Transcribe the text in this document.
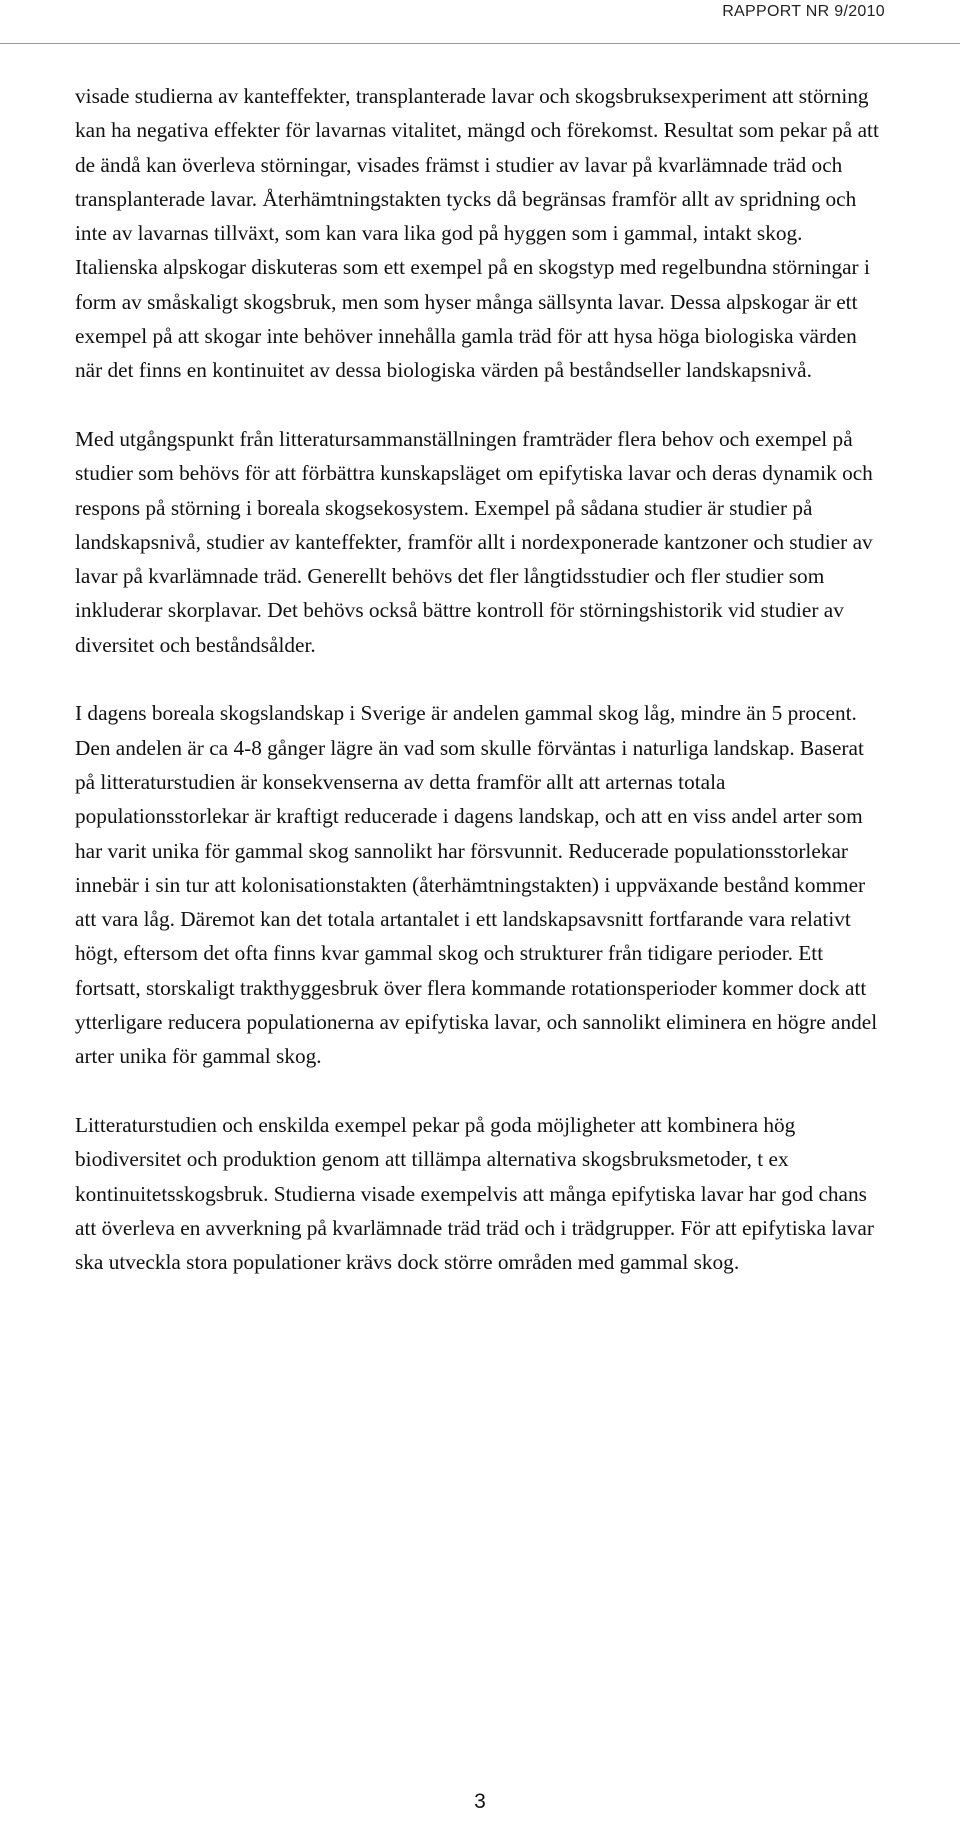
RAPPORT NR 9/2010

visade studierna av kanteffekter, transplanterade lavar och skogsbruksexperiment att störning kan ha negativa effekter för lavarnas vitalitet, mängd och förekomst. Resultat som pekar på att de ändå kan överleva störningar, visades främst i studier av lavar på kvarlämnade träd och transplanterade lavar. Återhämtningstakten tycks då begränsas framför allt av spridning och inte av lavarnas tillväxt, som kan vara lika god på hyggen som i gammal, intakt skog. Italienska alpskogar diskuteras som ett exempel på en skogstyp med regelbundna störningar i form av småskaligt skogsbruk, men som hyser många sällsynta lavar. Dessa alpskogar är ett exempel på att skogar inte behöver innehålla gamla träd för att hysa höga biologiska värden när det finns en kontinuitet av dessa biologiska värden på beståndseller landskapsnivå.

Med utgångspunkt från litteratursammanställningen framträder flera behov och exempel på studier som behövs för att förbättra kunskapsläget om epifytiska lavar och deras dynamik och respons på störning i boreala skogsekosystem. Exempel på sådana studier är studier på landskapsnivå, studier av kanteffekter, framför allt i nordexponerade kantzoner och studier av lavar på kvarlämnade träd. Generellt behövs det fler långtidsstudier och fler studier som inkluderar skorplavar. Det behövs också bättre kontroll för störningshistorik vid studier av diversitet och beståndsålder.

I dagens boreala skogslandskap i Sverige är andelen gammal skog låg, mindre än 5 procent. Den andelen är ca 4-8 gånger lägre än vad som skulle förväntas i naturliga landskap. Baserat på litteraturstudien är konsekvenserna av detta framför allt att arternas totala populationsstorlekar är kraftigt reducerade i dagens landskap, och att en viss andel arter som har varit unika för gammal skog sannolikt har försvunnit. Reducerade populationsstorlekar innebär i sin tur att kolonisationstakten (återhämtningstakten) i uppväxande bestånd kommer att vara låg. Däremot kan det totala artantalet i ett landskapsavsnitt fortfarande vara relativt högt, eftersom det ofta finns kvar gammal skog och strukturer från tidigare perioder. Ett fortsatt, storskaligt trakthyggesbruk över flera kommande rotationsperioder kommer dock att ytterligare reducera populationerna av epifytiska lavar, och sannolikt eliminera en högre andel arter unika för gammal skog.

Litteraturstudien och enskilda exempel pekar på goda möjligheter att kombinera hög biodiversitet och produktion genom att tillämpa alternativa skogsbruksmetoder, t ex kontinuitetsskogsbruk. Studierna visade exempelvis att många epifytiska lavar har god chans att överleva en avverkning på kvarlämnade träd träd och i trädgrupper. För att epifytiska lavar ska utveckla stora populationer krävs dock större områden med gammal skog.

3
